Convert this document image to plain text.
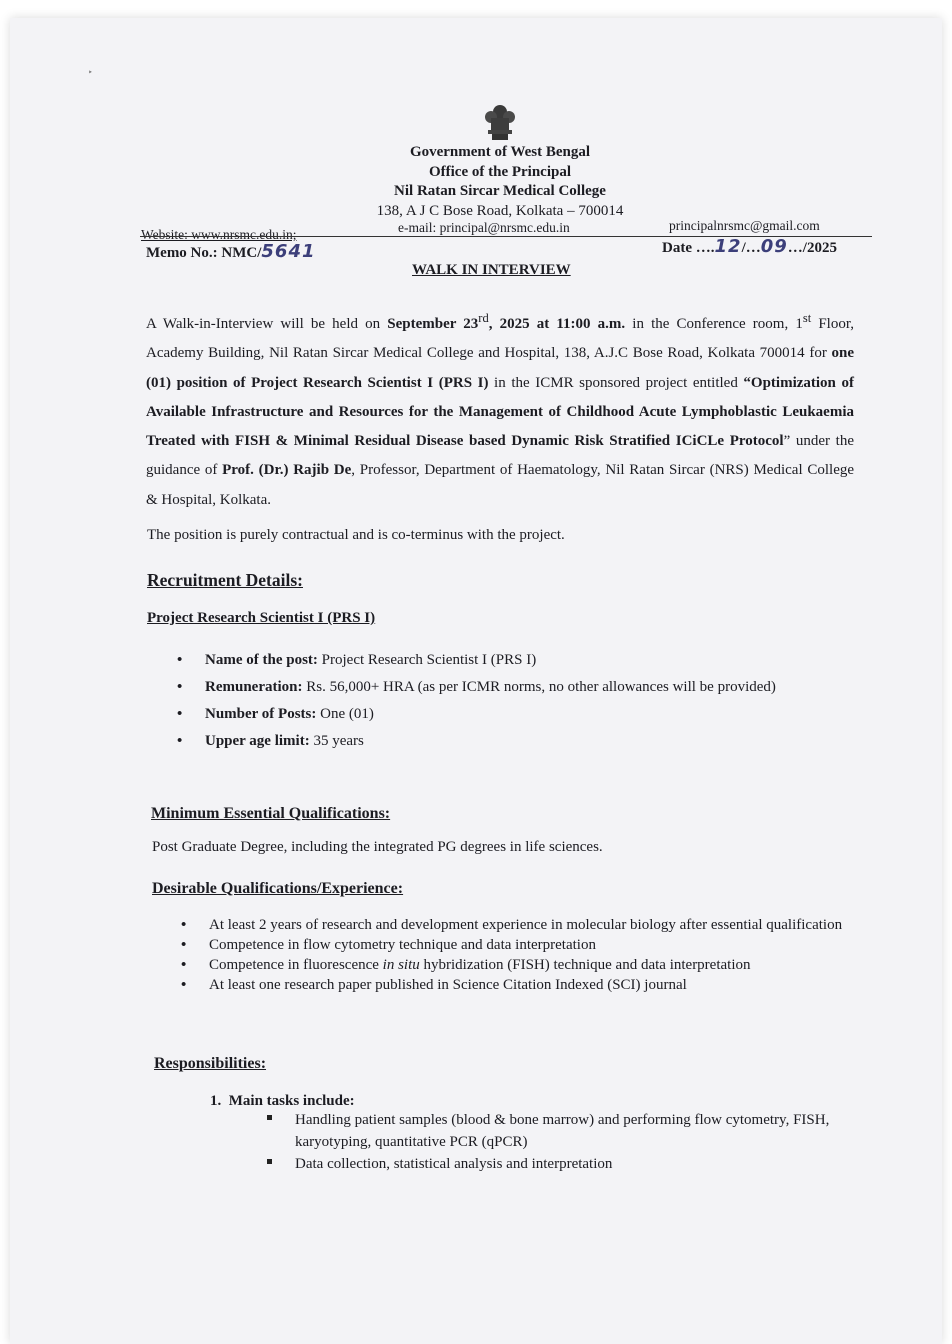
‣
Government of West Bengal
Office of the Principal
Nil Ratan Sircar Medical College
138, A J C Bose Road, Kolkata – 700014
Website: www.nrsmc.edu.in;	e-mail: principal@nrsmc.edu.in	principalnrsmc@gmail.com
Memo No.: NMC/5641	Date ….12/…09…/2025
WALK IN INTERVIEW

A Walk-in-Interview will be held on September 23rd, 2025 at 11:00 a.m. in the Conference room, 1st Floor, Academy Building, Nil Ratan Sircar Medical College and Hospital, 138, A.J.C Bose Road, Kolkata 700014 for one (01) position of Project Research Scientist I (PRS I) in the ICMR sponsored project entitled “Optimization of Available Infrastructure and Resources for the Management of Childhood Acute Lymphoblastic Leukaemia Treated with FISH & Minimal Residual Disease based Dynamic Risk Stratified ICiCLe Protocol” under the guidance of Prof. (Dr.) Rajib De, Professor, Department of Haematology, Nil Ratan Sircar (NRS) Medical College & Hospital, Kolkata.

The position is purely contractual and is co-terminus with the project.
Recruitment Details:
Project Research Scientist I (PRS I)
• Name of the post: Project Research Scientist I (PRS I)
• Remuneration: Rs. 56,000+ HRA (as per ICMR norms, no other allowances will be provided)
• Number of Posts: One (01)
• Upper age limit: 35 years
Minimum Essential Qualifications:
Post Graduate Degree, including the integrated PG degrees in life sciences.
Desirable Qualifications/Experience:
• At least 2 years of research and development experience in molecular biology after essential qualification
• Competence in flow cytometry technique and data interpretation
• Competence in fluorescence in situ hybridization (FISH) technique and data interpretation
• At least one research paper published in Science Citation Indexed (SCI) journal
Responsibilities:
1. Main tasks include:
Handling patient samples (blood & bone marrow) and performing flow cytometry, FISH, karyotyping, quantitative PCR (qPCR)
Data collection, statistical analysis and interpretation
